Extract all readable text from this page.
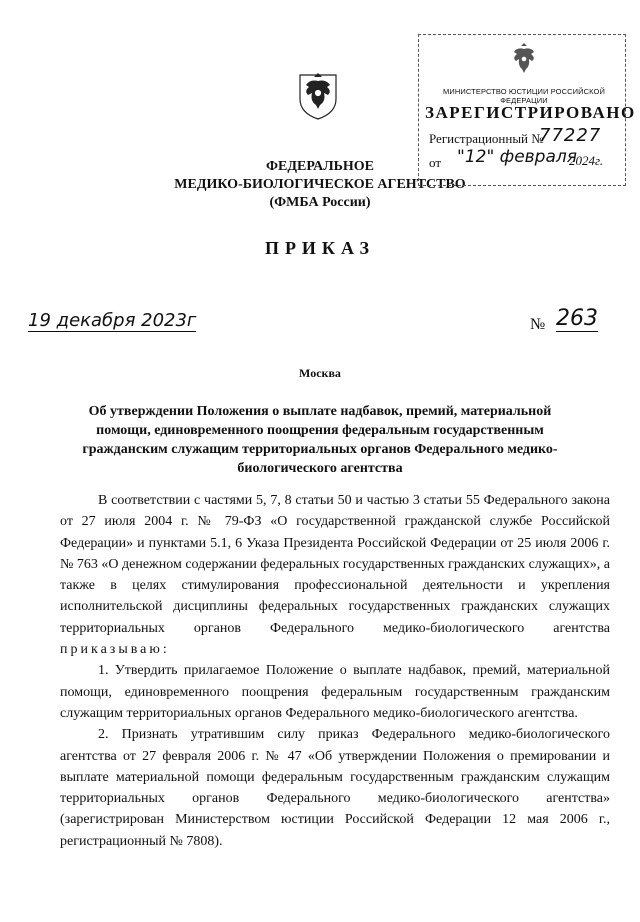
ФЕДЕРАЛЬНОЕ
МЕДИКО-БИОЛОГИЧЕСКОЕ АГЕНТСТВО
(ФМБА России)
МИНИСТЕРСТВО ЮСТИЦИИ РОССИЙСКОЙ ФЕДЕРАЦИИ
ЗАРЕГИСТРИРОВАНО
Регистрационный №
77227
от "12" февраля
2024г.
ПРИКАЗ
19 декабря 2023г	№ 263
Москва
Об утверждении Положения о выплате надбавок, премий, материальной помощи, единовременного поощрения федеральным государственным гражданским служащим территориальных органов Федерального медико-биологического агентства

В соответствии с частями 5, 7, 8 статьи 50 и частью 3 статьи 55 Федерального закона от 27 июля 2004 г. № 79-ФЗ «О государственной гражданской службе Российской Федерации» и пунктами 5.1, 6 Указа Президента Российской Федерации от 25 июля 2006 г. № 763 «О денежном содержании федеральных государственных гражданских служащих», а также в целях стимулирования профессиональной деятельности и укрепления исполнительской дисциплины федеральных государственных гражданских служащих территориальных органов Федерального медико-биологического агентства приказываю:

1. Утвердить прилагаемое Положение о выплате надбавок, премий, материальной помощи, единовременного поощрения федеральным государственным гражданским служащим территориальных органов Федерального медико-биологического агентства.

2. Признать утратившим силу приказ Федерального медико-биологического агентства от 27 февраля 2006 г. № 47 «Об утверждении Положения о премировании и выплате материальной помощи федеральным государственным гражданским служащим территориальных органов Федерального медико-биологического агентства» (зарегистрирован Министерством юстиции Российской Федерации 12 мая 2006 г., регистрационный № 7808).
